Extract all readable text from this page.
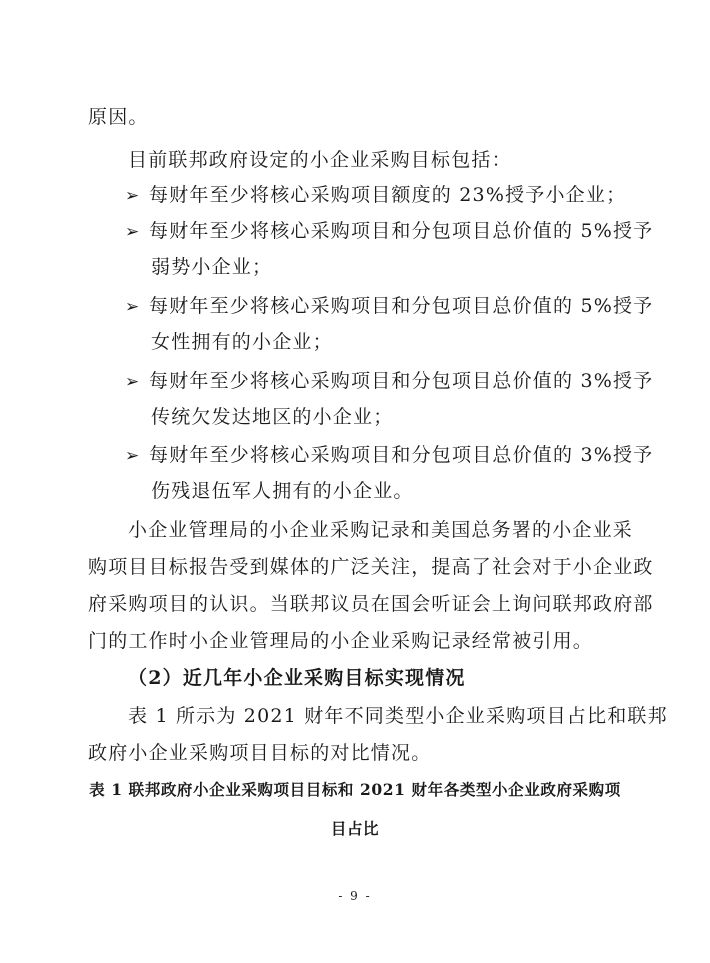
原因。
目前联邦政府设定的小企业采购目标包括：
➢ 每财年至少将核心采购项目额度的 23%授予小企业；
➢ 每财年至少将核心采购项目和分包项目总价值的 5%授予
弱势小企业；
➢ 每财年至少将核心采购项目和分包项目总价值的 5%授予
女性拥有的小企业；
➢ 每财年至少将核心采购项目和分包项目总价值的 3%授予
传统欠发达地区的小企业；
➢ 每财年至少将核心采购项目和分包项目总价值的 3%授予
伤残退伍军人拥有的小企业。
小企业管理局的小企业采购记录和美国总务署的小企业采
购项目目标报告受到媒体的广泛关注，提高了社会对于小企业政
府采购项目的认识。当联邦议员在国会听证会上询问联邦政府部
门的工作时小企业管理局的小企业采购记录经常被引用。
（2）近几年小企业采购目标实现情况
表 1 所示为 2021 财年不同类型小企业采购项目占比和联邦
政府小企业采购项目目标的对比情况。
表 1 联邦政府小企业采购项目目标和 2021 财年各类型小企业政府采购项
目占比
- 9 -
